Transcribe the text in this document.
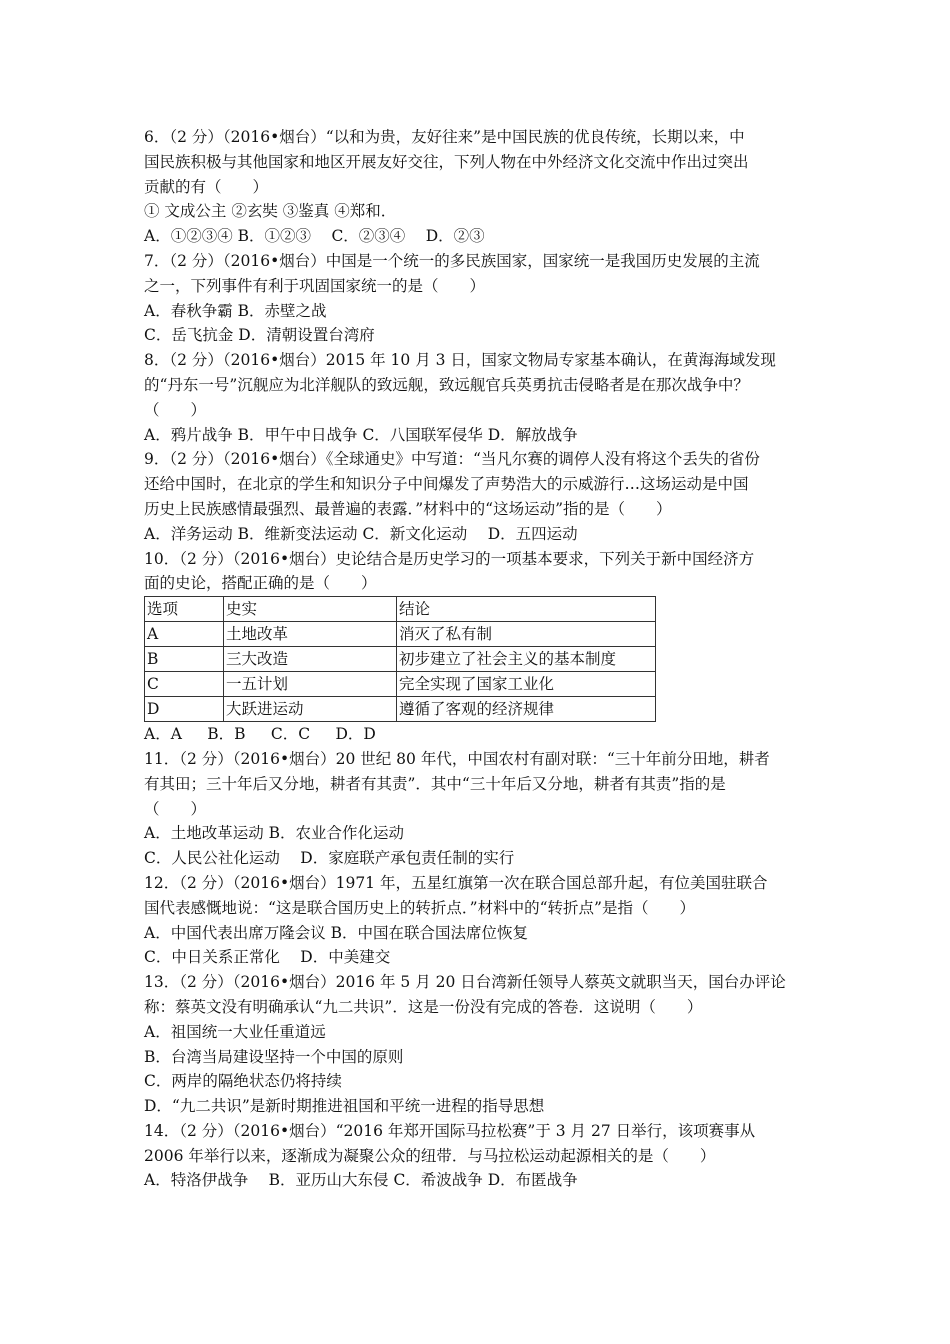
6．（2 分）（2016•烟台）“以和为贵，友好往来”是中国民族的优良传统，长期以来，中
国民族积极与其他国家和地区开展友好交往，下列人物在中外经济文化交流中作出过突出
贡献的有（　　）
① 文成公主 ②玄奘 ③鉴真 ④郑和．
A．①②③④ B．①②③ 　C．②③④ 　D．②③
7．（2 分）（2016•烟台）中国是一个统一的多民族国家，国家统一是我国历史发展的主流
之一，下列事件有利于巩固国家统一的是（　　）
A．春秋争霸 B．赤壁之战
C．岳飞抗金 D．清朝设置台湾府
8．（2 分）（2016•烟台）2015 年 10 月 3 日，国家文物局专家基本确认，在黄海海域发现
的“丹东一号”沉舰应为北洋舰队的致远舰，致远舰官兵英勇抗击侵略者是在那次战争中？
（　　）
A．鸦片战争 B．甲午中日战争 C．八国联军侵华 D．解放战争
9．（2 分）（2016•烟台）《全球通史》中写道：“当凡尔赛的调停人没有将这个丢失的省份
还给中国时，在北京的学生和知识分子中间爆发了声势浩大的示威游行…这场运动是中国
历史上民族感情最强烈、最普遍的表露．”材料中的“这场运动”指的是（　　）
A．洋务运动 B．维新变法运动 C．新文化运动 　D．五四运动
10．（2 分）（2016•烟台）史论结合是历史学习的一项基本要求，下列关于新中国经济方
面的史论，搭配正确的是（　　）
选项	史实	结论
A	土地改革	消灭了私有制
B	三大改造	初步建立了社会主义的基本制度
C	一五计划	完全实现了国家工业化
D	大跃进运动	遵循了客观的经济规律
A．A 　 B．B 　 C．C 　 D．D
11．（2 分）（2016•烟台）20 世纪 80 年代，中国农村有副对联：“三十年前分田地，耕者
有其田；三十年后又分地，耕者有其责”．其中“三十年后又分地，耕者有其责”指的是
（　　）
A．土地改革运动 B．农业合作化运动
C．人民公社化运动 　D．家庭联产承包责任制的实行
12．（2 分）（2016•烟台）1971 年，五星红旗第一次在联合国总部升起，有位美国驻联合
国代表感慨地说：“这是联合国历史上的转折点．”材料中的“转折点”是指（　　）
A．中国代表出席万隆会议 B．中国在联合国法席位恢复
C．中日关系正常化 　D．中美建交
13．（2 分）（2016•烟台）2016 年 5 月 20 日台湾新任领导人蔡英文就职当天，国台办评论
称：蔡英文没有明确承认“九二共识”．这是一份没有完成的答卷．这说明（　　）
A．祖国统一大业任重道远
B．台湾当局建设坚持一个中国的原则
C．两岸的隔绝状态仍将持续
D．“九二共识”是新时期推进祖国和平统一进程的指导思想
14．（2 分）（2016•烟台）“2016 年郑开国际马拉松赛”于 3 月 27 日举行，该项赛事从
2006 年举行以来，逐渐成为凝聚公众的纽带．与马拉松运动起源相关的是（　　）
A．特洛伊战争 　B．亚历山大东侵 C．希波战争 D．布匿战争
